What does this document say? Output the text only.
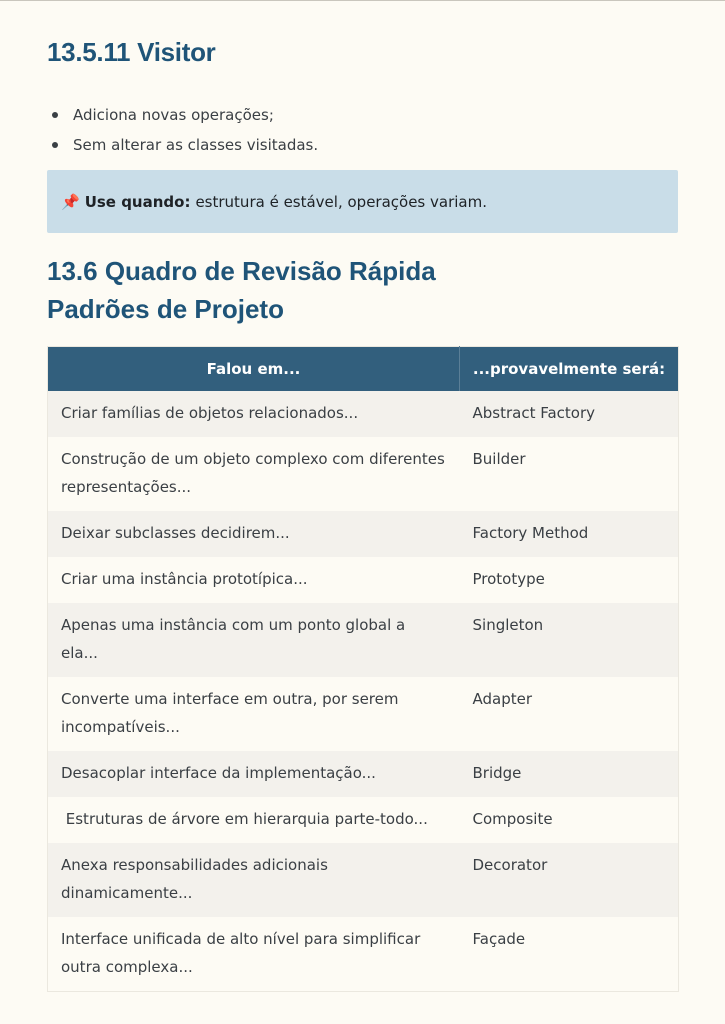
13.5.11 Visitor
Adiciona novas operações;
Sem alterar as classes visitadas.
📌 Use quando: estrutura é estável, operações variam.
13.6 Quadro de Revisão Rápida
Padrões de Projeto
Falou em...	...provavelmente será:
Criar famílias de objetos relacionados...	Abstract Factory
Construção de um objeto complexo com diferentes representações...	Builder
Deixar subclasses decidirem...	Factory Method
Criar uma instância prototípica...	Prototype
Apenas uma instância com um ponto global a ela...	Singleton
Converte uma interface em outra, por serem incompatíveis...	Adapter
Desacoplar interface da implementação...	Bridge
Estruturas de árvore em hierarquia parte-todo...	Composite
Anexa responsabilidades adicionais dinamicamente...	Decorator
Interface unificada de alto nível para simplificar outra complexa...	Façade
